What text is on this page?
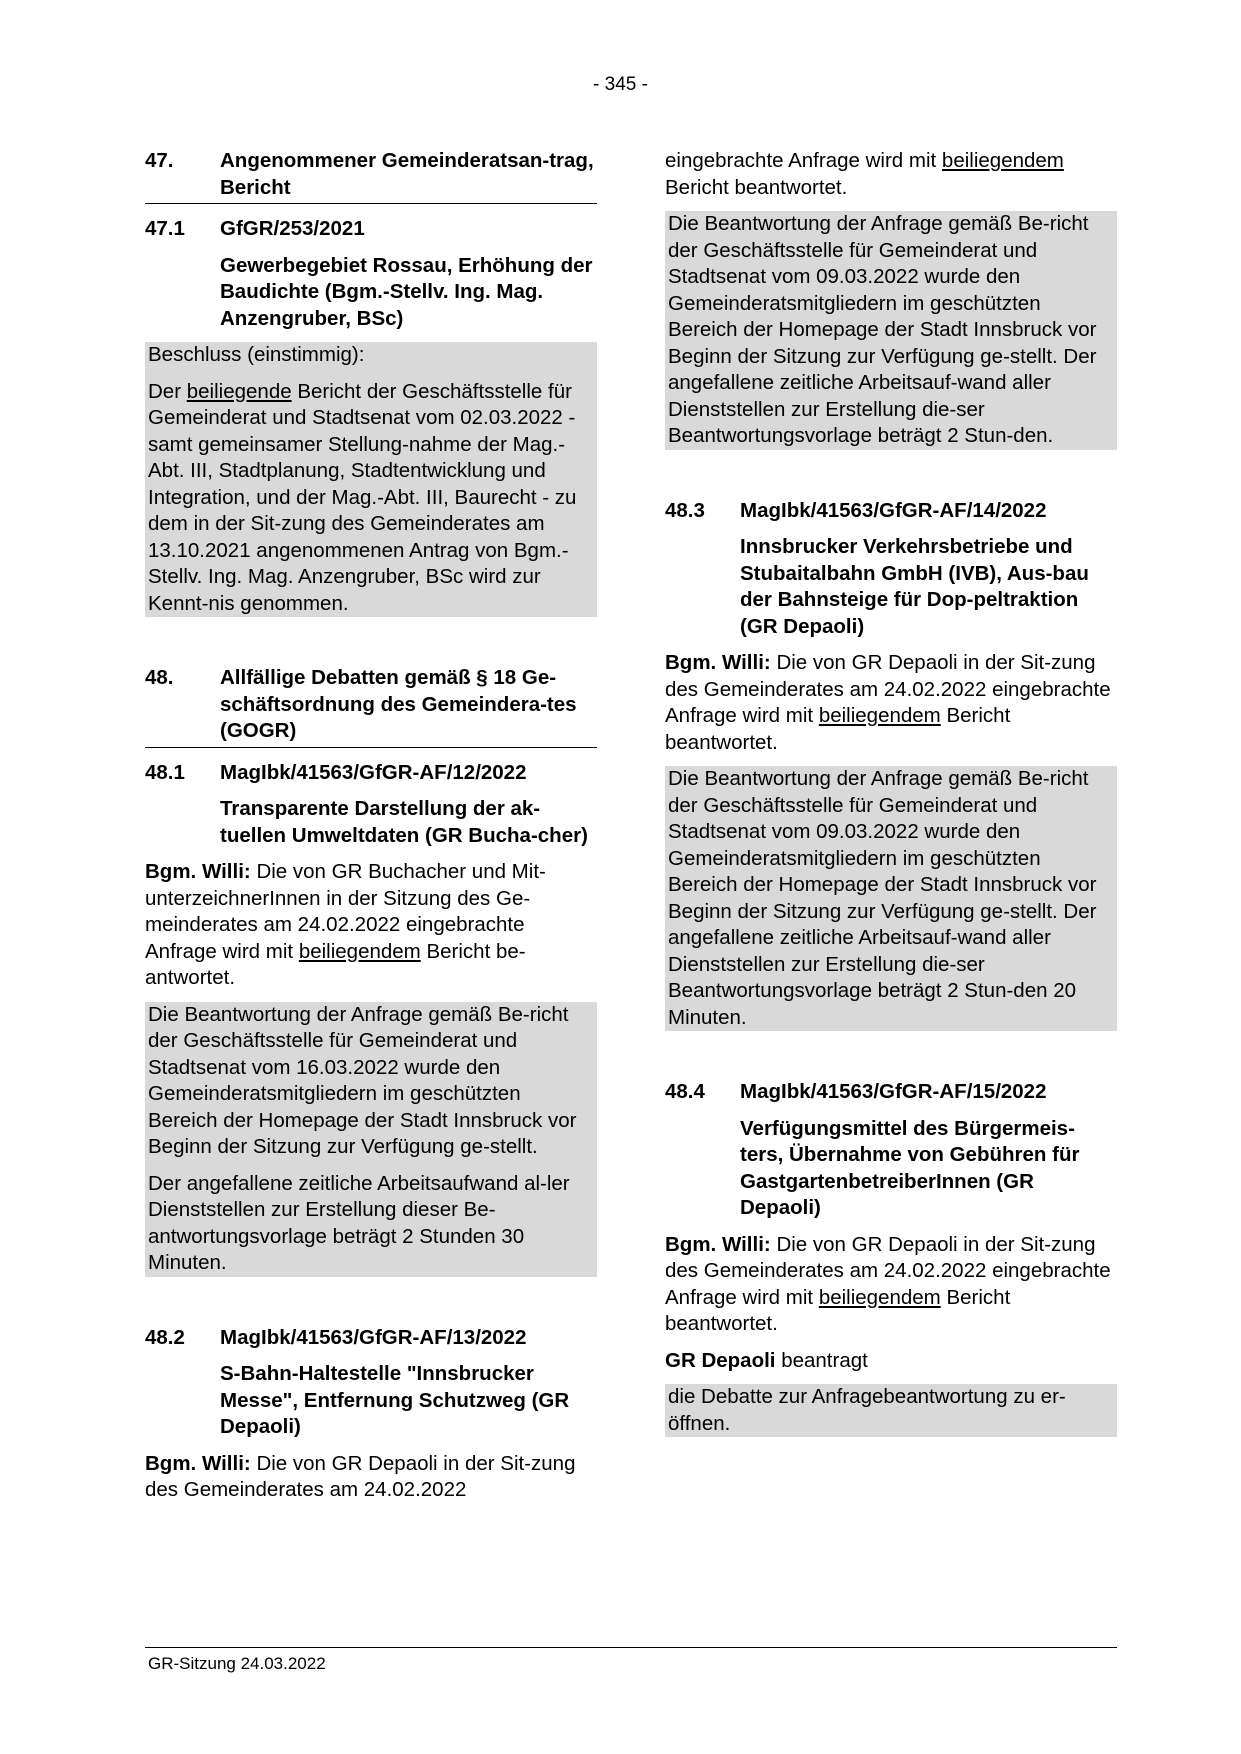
- 345 -
47.	Angenommener Gemeinderatsan-trag, Bericht
47.1	GfGR/253/2021
Gewerbegebiet Rossau, Erhöhung der Baudichte (Bgm.-Stellv. Ing. Mag. Anzengruber, BSc)
Beschluss (einstimmig):
Der beiliegende Bericht der Geschäftsstelle für Gemeinderat und Stadtsenat vom 02.03.2022 - samt gemeinsamer Stellung-nahme der Mag.-Abt. III, Stadtplanung, Stadtentwicklung und Integration, und der Mag.-Abt. III, Baurecht - zu dem in der Sit-zung des Gemeinderates am 13.10.2021 angenommenen Antrag von Bgm.-Stellv. Ing. Mag. Anzengruber, BSc wird zur Kennt-nis genommen.
48.	Allfällige Debatten gemäß § 18 Ge-schäftsordnung des Gemeindera-tes (GOGR)
48.1	MagIbk/41563/GfGR-AF/12/2022
Transparente Darstellung der ak-tuellen Umweltdaten (GR Bucha-cher)
Bgm. Willi: Die von GR Buchacher und Mit-unterzeichnerInnen in der Sitzung des Ge-meinderates am 24.02.2022 eingebrachte Anfrage wird mit beiliegendem Bericht be-antwortet.
Die Beantwortung der Anfrage gemäß Be-richt der Geschäftsstelle für Gemeinderat und Stadtsenat vom 16.03.2022 wurde den Gemeinderatsmitgliedern im geschützten Bereich der Homepage der Stadt Innsbruck vor Beginn der Sitzung zur Verfügung ge-stellt.
Der angefallene zeitliche Arbeitsaufwand al-ler Dienststellen zur Erstellung dieser Be-antwortungsvorlage beträgt 2 Stunden 30 Minuten.
48.2	MagIbk/41563/GfGR-AF/13/2022
S-Bahn-Haltestelle "Innsbrucker Messe", Entfernung Schutzweg (GR Depaoli)
Bgm. Willi: Die von GR Depaoli in der Sit-zung des Gemeinderates am 24.02.2022
eingebrachte Anfrage wird mit beiliegendem Bericht beantwortet.
Die Beantwortung der Anfrage gemäß Be-richt der Geschäftsstelle für Gemeinderat und Stadtsenat vom 09.03.2022 wurde den Gemeinderatsmitgliedern im geschützten Bereich der Homepage der Stadt Innsbruck vor Beginn der Sitzung zur Verfügung ge-stellt. Der angefallene zeitliche Arbeitsauf-wand aller Dienststellen zur Erstellung die-ser Beantwortungsvorlage beträgt 2 Stun-den.
48.3	MagIbk/41563/GfGR-AF/14/2022
Innsbrucker Verkehrsbetriebe und Stubaitalbahn GmbH (IVB), Aus-bau der Bahnsteige für Dop-peltraktion (GR Depaoli)
Bgm. Willi: Die von GR Depaoli in der Sit-zung des Gemeinderates am 24.02.2022 eingebrachte Anfrage wird mit beiliegendem Bericht beantwortet.
Die Beantwortung der Anfrage gemäß Be-richt der Geschäftsstelle für Gemeinderat und Stadtsenat vom 09.03.2022 wurde den Gemeinderatsmitgliedern im geschützten Bereich der Homepage der Stadt Innsbruck vor Beginn der Sitzung zur Verfügung ge-stellt. Der angefallene zeitliche Arbeitsauf-wand aller Dienststellen zur Erstellung die-ser Beantwortungsvorlage beträgt 2 Stun-den 20 Minuten.
48.4	MagIbk/41563/GfGR-AF/15/2022
Verfügungsmittel des Bürgermeis-ters, Übernahme von Gebühren für GastgartenbetreiberInnen (GR Depaoli)
Bgm. Willi: Die von GR Depaoli in der Sit-zung des Gemeinderates am 24.02.2022 eingebrachte Anfrage wird mit beiliegendem Bericht beantwortet.
GR Depaoli beantragt
die Debatte zur Anfragebeantwortung zu er-öffnen.
GR-Sitzung 24.03.2022
